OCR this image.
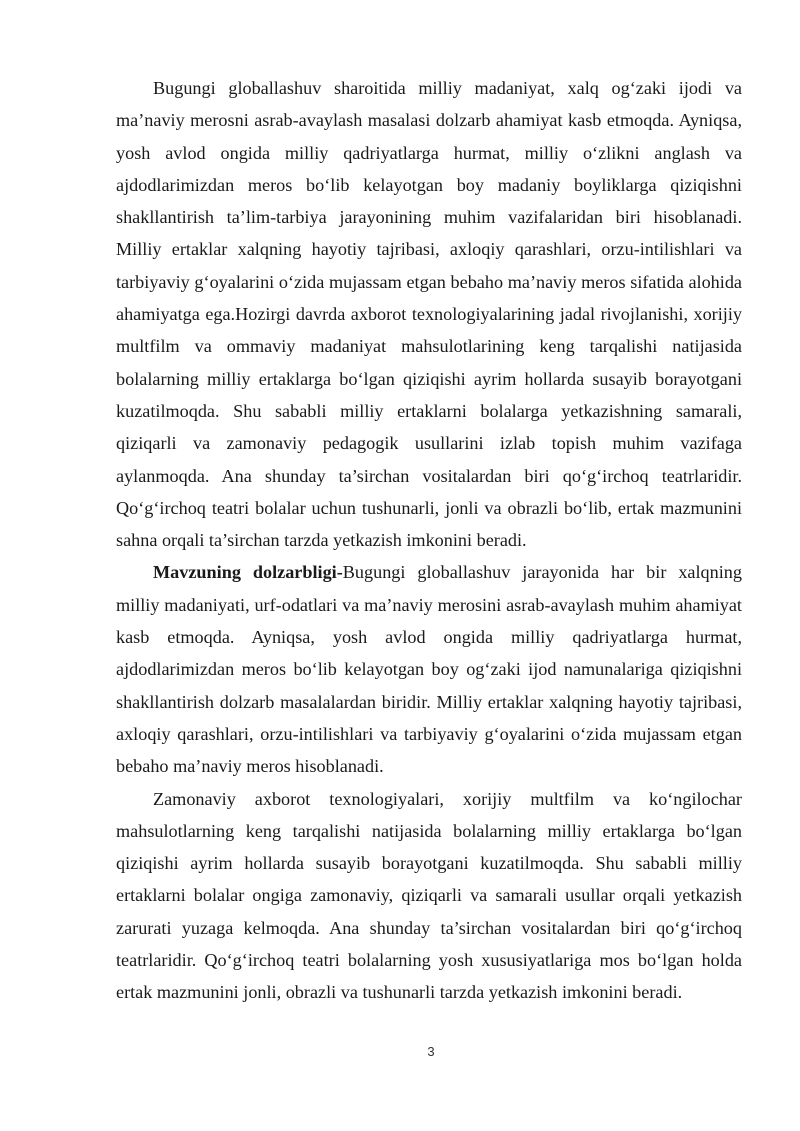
Bugungi globallashuv sharoitida milliy madaniyat, xalq og‘zaki ijodi va ma’naviy merosni asrab-avaylash masalasi dolzarb ahamiyat kasb etmoqda. Ayniqsa, yosh avlod ongida milliy qadriyatlarga hurmat, milliy o‘zlikni anglash va ajdodlarimizdan meros bo‘lib kelayotgan boy madaniy boyliklarga qiziqishni shakllantirish ta’lim-tarbiya jarayonining muhim vazifalaridan biri hisoblanadi. Milliy ertaklar xalqning hayotiy tajribasi, axloqiy qarashlari, orzu-intilishlari va tarbiyaviy g‘oyalarini o‘zida mujassam etgan bebaho ma’naviy meros sifatida alohida ahamiyatga ega.Hozirgi davrda axborot texnologiyalarining jadal rivojlanishi, xorijiy multfilm va ommaviy madaniyat mahsulotlarining keng tarqalishi natijasida bolalarning milliy ertaklarga bo‘lgan qiziqishi ayrim hollarda susayib borayotgani kuzatilmoqda. Shu sababli milliy ertaklarni bolalarga yetkazishning samarali, qiziqarli va zamonaviy pedagogik usullarini izlab topish muhim vazifaga aylanmoqda. Ana shunday ta’sirchan vositalardan biri qo‘g‘irchoq teatrlaridir. Qo‘g‘irchoq teatri bolalar uchun tushunarli, jonli va obrazli bo‘lib, ertak mazmunini sahna orqali ta’sirchan tarzda yetkazish imkonini beradi.

Mavzuning dolzarbligi-Bugungi globallashuv jarayonida har bir xalqning milliy madaniyati, urf-odatlari va ma’naviy merosini asrab-avaylash muhim ahamiyat kasb etmoqda. Ayniqsa, yosh avlod ongida milliy qadriyatlarga hurmat, ajdodlarimizdan meros bo‘lib kelayotgan boy og‘zaki ijod namunalariga qiziqishni shakllantirish dolzarb masalalardan biridir. Milliy ertaklar xalqning hayotiy tajribasi, axloqiy qarashlari, orzu-intilishlari va tarbiyaviy g‘oyalarini o‘zida mujassam etgan bebaho ma’naviy meros hisoblanadi.

Zamonaviy axborot texnologiyalari, xorijiy multfilm va ko‘ngilochar mahsulotlarning keng tarqalishi natijasida bolalarning milliy ertaklarga bo‘lgan qiziqishi ayrim hollarda susayib borayotgani kuzatilmoqda. Shu sababli milliy ertaklarni bolalar ongiga zamonaviy, qiziqarli va samarali usullar orqali yetkazish zarurati yuzaga kelmoqda. Ana shunday ta’sirchan vositalardan biri qo‘g‘irchoq teatrlaridir. Qo‘g‘irchoq teatri bolalarning yosh xususiyatlariga mos bo‘lgan holda ertak mazmunini jonli, obrazli va tushunarli tarzda yetkazish imkonini beradi.

3
